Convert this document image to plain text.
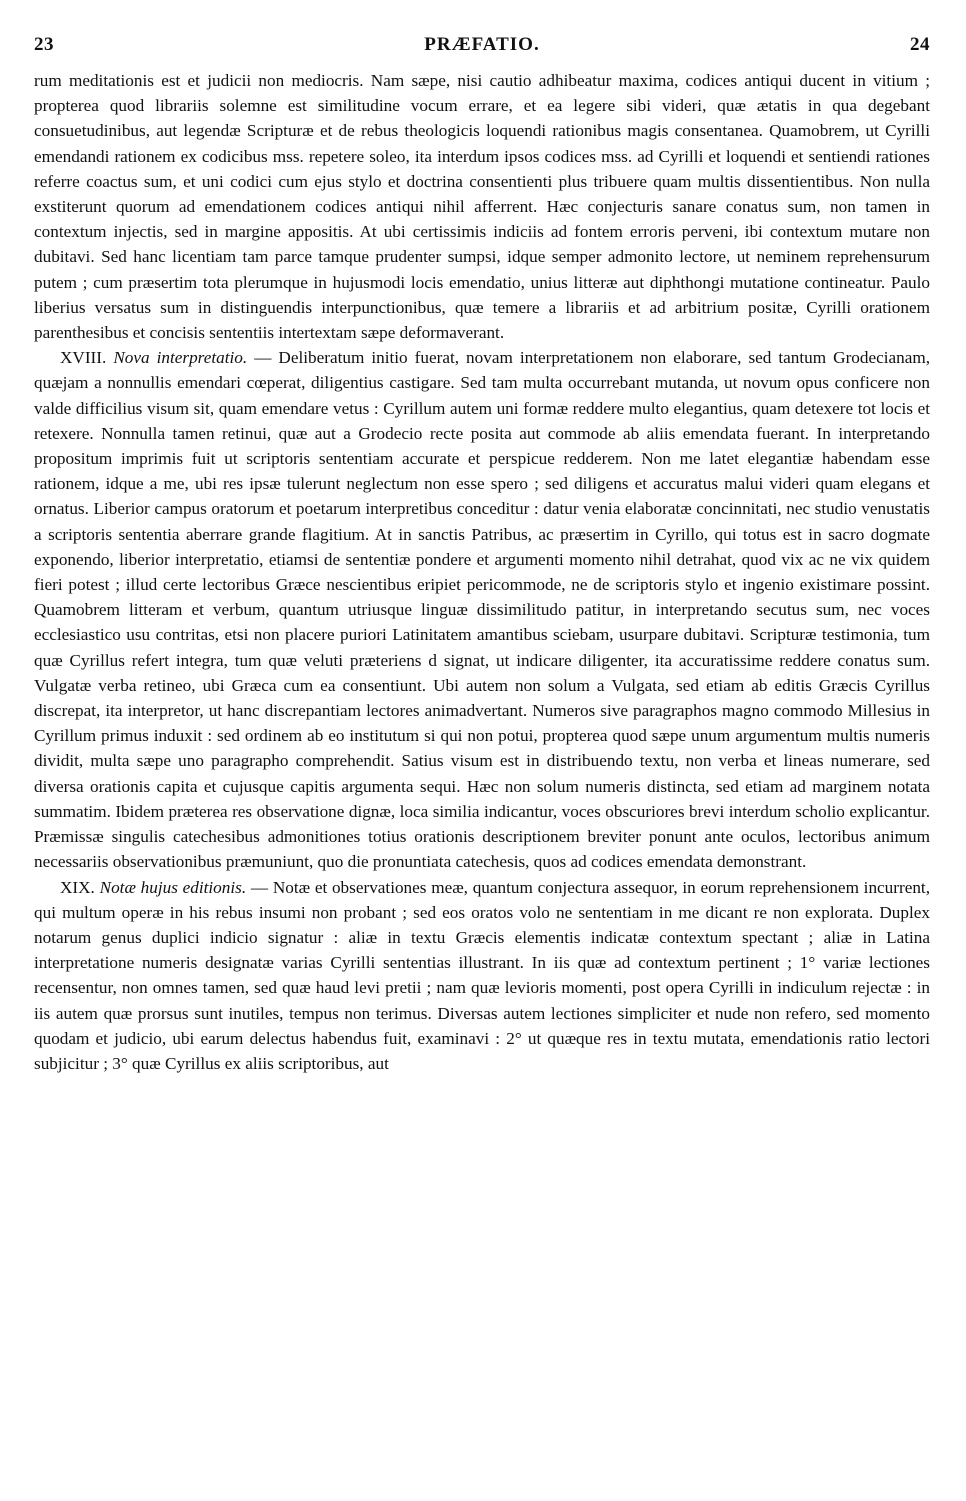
23	PRÆFATIO.	24

rum meditationis est et judicii non mediocris. Nam sæpe, nisi cautio adhibeatur maxima, codices antiqui ducent in vitium ; propterea quod librariis solemne est similitudine vocum errare, et ea legere sibi videri, quæ ætatis in qua degebant consuetudinibus, aut legendæ Scripturæ et de rebus theologicis loquendi rationibus magis consentanea. Quamobrem, ut Cyrilli emendandi rationem ex codicibus mss. repetere soleo, ita interdum ipsos codices mss. ad Cyrilli et loquendi et sentiendi rationes referre coactus sum, et uni codici cum ejus stylo et doctrina consentienti plus tribuere quam multis dissentientibus. Non nulla exstiterunt quorum ad emendationem codices antiqui nihil afferrent. Hæc conjecturis sanare conatus sum, non tamen in contextum injectis, sed in margine appositis. At ubi certissimis indiciis ad fontem erroris perveni, ibi contextum mutare non dubitavi. Sed hanc licentiam tam parce tamque prudenter sumpsi, idque semper admonito lectore, ut neminem reprehensurum putem ; cum præsertim tota plerumque in hujusmodi locis emendatio, unius litteræ aut diphthongi mutatione contineatur. Paulo liberius versatus sum in distinguendis interpunctionibus, quæ temere a librariis et ad arbitrium positæ, Cyrilli orationem parenthesibus et concisis sententiis intertextam sæpe deformaverant.

XVIII. Nova interpretatio. — Deliberatum initio fuerat, novam interpretationem non elaborare, sed tantum Grodecianam, quæjam a nonnullis emendari cœperat, diligentius castigare. Sed tam multa occurrebant mutanda, ut novum opus conficere non valde difficilius visum sit, quam emendare vetus : Cyrillum autem uni formæ reddere multo elegantius, quam detexere tot locis et retexere. Nonnulla tamen retinui, quæ aut a Grodecio recte posita aut commode ab aliis emendata fuerant. In interpretando propositum imprimis fuit ut scriptoris sententiam accurate et perspicue redderem. Non me latet elegantiæ habendam esse rationem, idque a me, ubi res ipsæ tulerunt neglectum non esse spero ; sed diligens et accuratus malui videri quam elegans et ornatus. Liberior campus oratorum et poetarum interpretibus conceditur : datur venia elaboratæ concinnitati, nec studio venustatis a scriptoris sententia aberrare grande flagitium. At in sanctis Patribus, ac præsertim in Cyrillo, qui totus est in sacro dogmate exponendo, liberior interpretatio, etiamsi de sententiæ pondere et argumenti momento nihil detrahat, quod vix ac ne vix quidem fieri potest ; illud certe lectoribus Græce nescientibus eripiet pericommode, ne de scriptoris stylo et ingenio existimare possint. Quamobrem litteram et verbum, quantum utriusque linguæ dissimilitudo patitur, in interpretando secutus sum, nec voces ecclesiastico usu contritas, etsi non placere puriori Latinitatem amantibus sciebam, usurpare dubitavi. Scripturæ testimonia, tum quæ Cyrillus refert integra, tum quæ veluti præteriens d signat, ut indicare diligenter, ita accuratissime reddere conatus sum. Vulgatæ verba retineo, ubi Græca cum ea consentiunt. Ubi autem non solum a Vulgata, sed etiam ab editis Græcis Cyrillus discrepat, ita interpretor, ut hanc discrepantiam lectores animadvertant. Numeros sive paragraphos magno commodo Millesius in Cyrillum primus induxit : sed ordinem ab eo institutum si qui non potui, propterea quod sæpe unum argumentum multis numeris dividit, multa sæpe uno paragrapho comprehendit. Satius visum est in distribuendo textu, non verba et lineas numerare, sed diversa orationis capita et cujusque capitis argumenta sequi. Hæc non solum numeris distincta, sed etiam ad marginem notata summatim. Ibidem præterea res observatione dignæ, loca similia indicantur, voces obscuriores brevi interdum scholio explicantur. Præmissæ singulis catechesibus admonitiones totius orationis descriptionem breviter ponunt ante oculos, lectoribus animum necessariis observationibus præmuniunt, quo die pronuntiata catechesis, quos ad codices emendata demonstrant.

XIX. Notæ hujus editionis. — Notæ et observationes meæ, quantum conjectura assequor, in eorum reprehensionem incurrent, qui multum operæ in his rebus insumi non probant ; sed eos oratos volo ne sententiam in me dicant re non explorata. Duplex notarum genus duplici indicio signatur : aliæ in textu Græcis elementis indicatæ contextum spectant ; aliæ in Latina interpretatione numeris designatæ varias Cyrilli sententias illustrant. In iis quæ ad contextum pertinent ; 1° variæ lectiones recensentur, non omnes tamen, sed quæ haud levi pretii ; nam quæ levioris momenti, post opera Cyrilli in indiculum rejectæ : in iis autem quæ prorsus sunt inutiles, tempus non terimus. Diversas autem lectiones simpliciter et nude non refero, sed momento quodam et judicio, ubi earum delectus habendus fuit, examinavi : 2° ut quæque res in textu mutata, emendationis ratio lectori subjicitur ; 3° quæ Cyrillus ex aliis scriptoribus, aut
